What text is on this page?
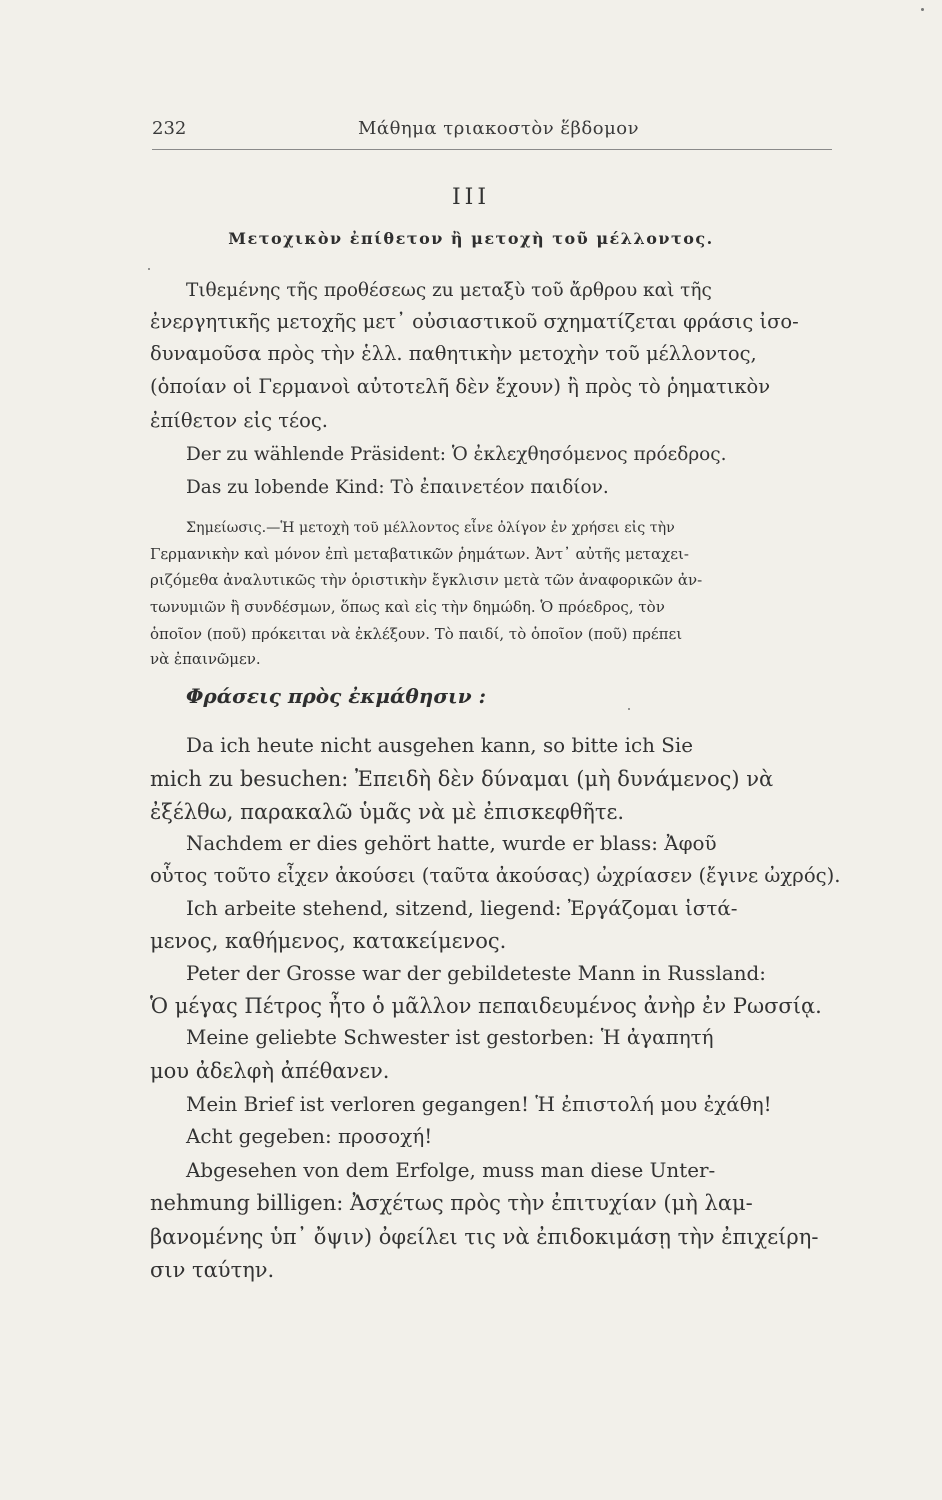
232	Μάθημα τριακοστὸν ἕβδομον
III
Μετοχικὸν ἐπίθετον ἢ μετοχὴ τοῦ μέλλοντος.
Τιθεμένης τῆς προθέσεως zu μεταξὺ τοῦ ἄρθρου καὶ τῆς
ἐνεργητικῆς μετοχῆς μετ᾿ οὐσιαστικοῦ σχηματίζεται φράσις ἰσο-
δυναμοῦσα πρὸς τὴν ἑλλ. παθητικὴν μετοχὴν τοῦ μέλλοντος,
(ὁποίαν οἱ Γερμανοὶ αὐτοτελῆ δὲν ἔχουν) ἢ πρὸς τὸ ῥηματικὸν
ἐπίθετον εἰς τέος.
Der zu wählende Präsident: Ὁ ἐκλεχθησόμενος πρόεδρος.
Das zu lobende Kind: Τὸ ἐπαινετέον παιδίον.
Σημείωσις.—Ἡ μετοχὴ τοῦ μέλλοντος εἶνε ὀλίγον ἐν χρήσει εἰς τὴν
Γερμανικὴν καὶ μόνον ἐπὶ μεταβατικῶν ῥημάτων. Ἀντ᾿ αὐτῆς μεταχει-
ριζόμεθα ἀναλυτικῶς τὴν ὁριστικὴν ἔγκλισιν μετὰ τῶν ἀναφορικῶν ἀν-
τωνυμιῶν ἢ συνδέσμων, ὅπως καὶ εἰς τὴν δημώδη. Ὁ πρόεδρος, τὸν
ὁποῖον (ποῦ) πρόκειται νὰ ἐκλέξουν. Τὸ παιδί, τὸ ὁποῖον (ποῦ) πρέπει
νὰ ἐπαινῶμεν.
Φράσεις πρὸς ἐκμάθησιν :
Da ich heute nicht ausgehen kann, so bitte ich Sie
mich zu besuchen: Ἐπειδὴ δὲν δύναμαι (μὴ δυνάμενος) νὰ
ἐξέλθω, παρακαλῶ ὑμᾶς νὰ μὲ ἐπισκεφθῆτε.
Nachdem er dies gehört hatte, wurde er blass: Ἀφοῦ
οὗτος τοῦτο εἶχεν ἀκούσει (ταῦτα ἀκούσας) ὠχρίασεν (ἔγινε ὠχρός).
Ich arbeite stehend, sitzend, liegend: Ἐργάζομαι ἱστά-
μενος, καθήμενος, κατακείμενος.
Peter der Grosse war der gebildeteste Mann in Russland:
Ὁ μέγας Πέτρος ἦτο ὁ μᾶλλον πεπαιδευμένος ἀνὴρ ἐν Ρωσσίᾳ.
Meine geliebte Schwester ist gestorben: Ἡ ἀγαπητή
μου ἀδελφὴ ἀπέθανεν.
Mein Brief ist verloren gegangen! Ἡ ἐπιστολή μου ἐχάθη!
Acht gegeben: προσοχή!
Abgesehen von dem Erfolge, muss man diese Unter-
nehmung billigen: Ἀσχέτως πρὸς τὴν ἐπιτυχίαν (μὴ λαμ-
βανομένης ὑπ᾿ ὄψιν) ὀφείλει τις νὰ ἐπιδοκιμάσῃ τὴν ἐπιχείρη-
σιν ταύτην.
